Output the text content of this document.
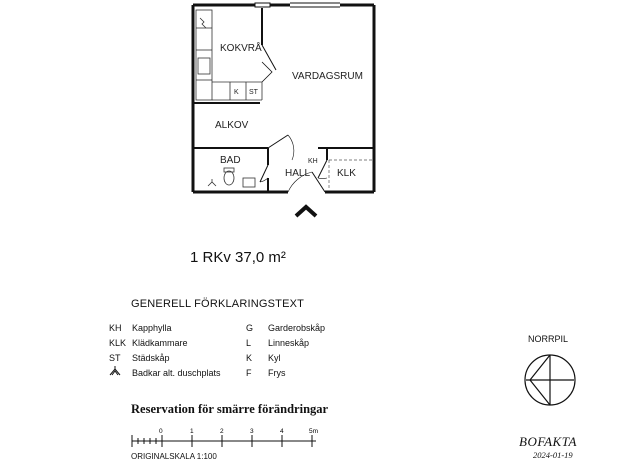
KOKVRÅ
VARDAGSRUM
ALKOV
BAD
HALL	KLK
K ST
KH
1 RKv 37,0 m²
GENERELL FÖRKLARINGSTEXT
KH Kapphylla
KLK Klädkammare
ST Städskåp
Badkar alt. duschplats
G Garderobskåp
L Linneskåp
K Kyl
F Frys
NORRPIL
Reservation för smärre förändringar
0	1	2	3	4	5m
ORIGINALSKALA 1:100
BOFAKTA
2024-01-19
